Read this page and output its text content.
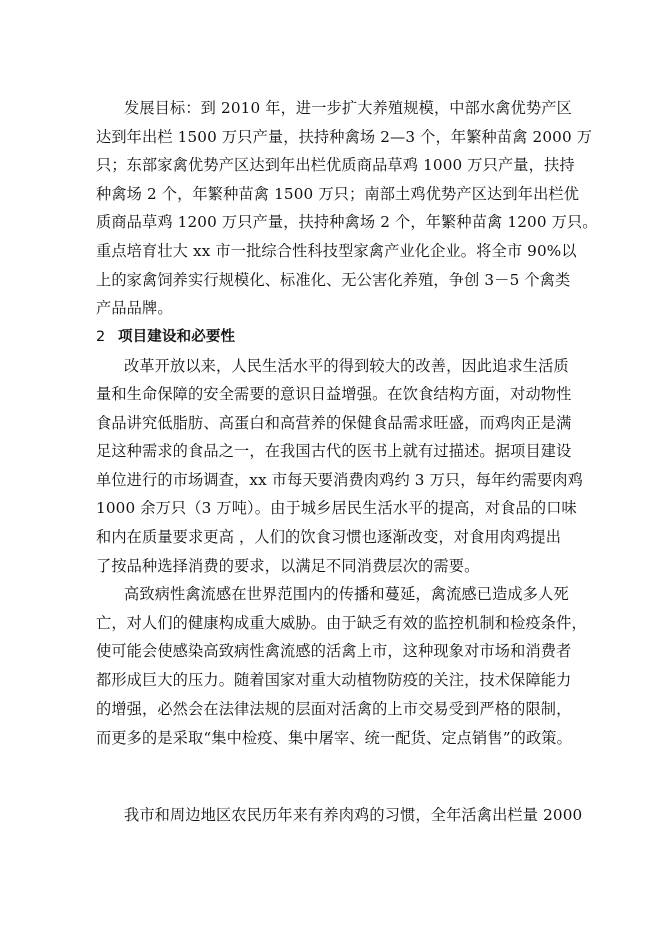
发展目标：到 2010 年，进一步扩大养殖规模，中部水禽优势产区
达到年出栏 1500 万只产量，扶持种禽场 2—3 个，年繁种苗禽 2000 万
只；东部家禽优势产区达到年出栏优质商品草鸡 1000 万只产量，扶持
种禽场 2 个，年繁种苗禽 1500 万只；南部土鸡优势产区达到年出栏优
质商品草鸡 1200 万只产量，扶持种禽场 2 个，年繁种苗禽 1200 万只。
重点培育壮大 xx 市一批综合性科技型家禽产业化企业。将全市 90%以
上的家禽饲养实行规模化、标准化、无公害化养殖，争创 3－5 个禽类
产品品牌。
2 项目建设和必要性
改革开放以来，人民生活水平的得到较大的改善，因此追求生活质
量和生命保障的安全需要的意识日益增强。在饮食结构方面，对动物性
食品讲究低脂肪、高蛋白和高营养的保健食品需求旺盛，而鸡肉正是满
足这种需求的食品之一，在我国古代的医书上就有过描述。据项目建设
单位进行的市场调查，xx 市每天要消费肉鸡约 3 万只，每年约需要肉鸡
1000 余万只（3 万吨）。由于城乡居民生活水平的提高，对食品的口味
和内在质量要求更高 ，人们的饮食习惯也逐渐改变，对食用肉鸡提出
了按品种选择消费的要求，以满足不同消费层次的需要。
高致病性禽流感在世界范围内的传播和蔓延，禽流感已造成多人死
亡，对人们的健康构成重大威胁。由于缺乏有效的监控机制和检疫条件，
使可能会使感染高致病性禽流感的活禽上市，这种现象对市场和消费者
都形成巨大的压力。随着国家对重大动植物防疫的关注，技术保障能力
的增强，必然会在法律法规的层面对活禽的上市交易受到严格的限制，
而更多的是采取“集中检疫、集中屠宰、统一配货、定点销售”的政策。
我市和周边地区农民历年来有养肉鸡的习惯，全年活禽出栏量 2000
